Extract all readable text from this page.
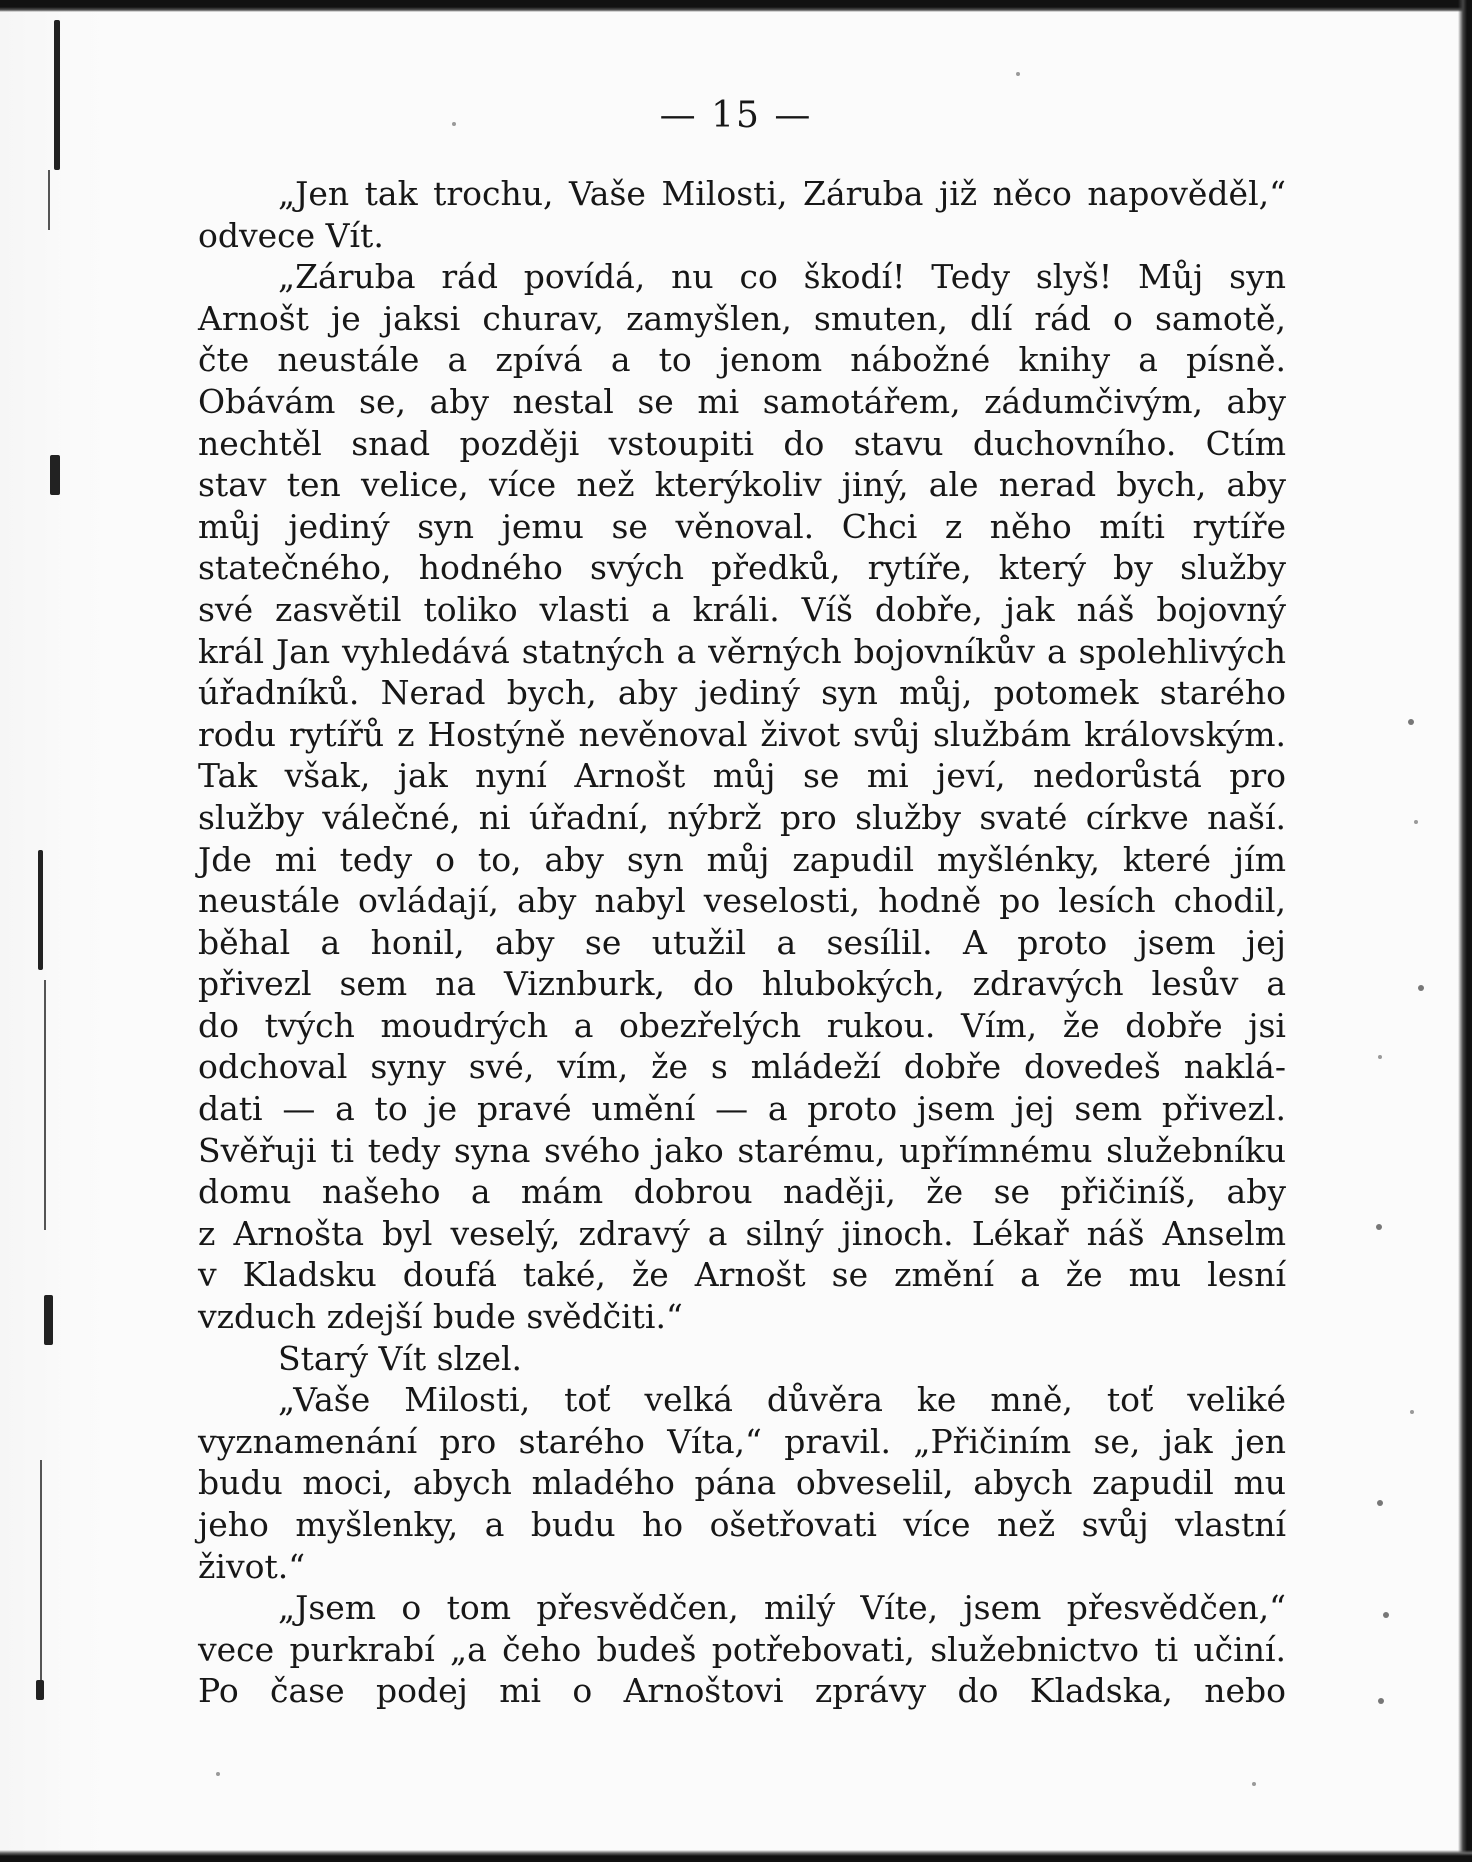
— 15 —
„Jen tak trochu, Vaše Milosti, Záruba již něco napověděl,“
odvece Vít.
„Záruba rád povídá, nu co škodí! Tedy slyš! Můj syn
Arnošt je jaksi churav, zamyšlen, smuten, dlí rád o samotě,
čte neustále a zpívá a to jenom nábožné knihy a písně.
Obávám se, aby nestal se mi samotářem, zádumčivým, aby
nechtěl snad později vstoupiti do stavu duchovního. Ctím
stav ten velice, více než kterýkoliv jiný, ale nerad bych, aby
můj jediný syn jemu se věnoval. Chci z něho míti rytíře
statečného, hodného svých předků, rytíře, který by služby
své zasvětil toliko vlasti a králi. Víš dobře, jak náš bojovný
král Jan vyhledává statných a věrných bojovníkův a spolehlivých
úřadníků. Nerad bych, aby jediný syn můj, potomek starého
rodu rytířů z Hostýně nevěnoval život svůj službám královským.
Tak však, jak nyní Arnošt můj se mi jeví, nedorůstá pro
služby válečné, ni úřadní, nýbrž pro služby svaté církve naší.
Jde mi tedy o to, aby syn můj zapudil myšlénky, které jím
neustále ovládají, aby nabyl veselosti, hodně po lesích chodil,
běhal a honil, aby se utužil a sesílil. A proto jsem jej
přivezl sem na Viznburk, do hlubokých, zdravých lesův a
do tvých moudrých a obezřelých rukou. Vím, že dobře jsi
odchoval syny své, vím, že s mládeží dobře dovedeš naklá-
dati — a to je pravé umění — a proto jsem jej sem přivezl.
Svěřuji ti tedy syna svého jako starému, upřímnému služebníku
domu našeho a mám dobrou naději, že se přičiníš, aby
z Arnošta byl veselý, zdravý a silný jinoch. Lékař náš Anselm
v Kladsku doufá také, že Arnošt se změní a že mu lesní
vzduch zdejší bude svědčiti.“
Starý Vít slzel.
„Vaše Milosti, toť velká důvěra ke mně, toť veliké
vyznamenání pro starého Víta,“ pravil. „Přičiním se, jak jen
budu moci, abych mladého pána obveselil, abych zapudil mu
jeho myšlenky, a budu ho ošetřovati více než svůj vlastní
život.“
„Jsem o tom přesvědčen, milý Víte, jsem přesvědčen,“
vece purkrabí „a čeho budeš potřebovati, služebnictvo ti učiní.
Po čase podej mi o Arnoštovi zprávy do Kladska, nebo
